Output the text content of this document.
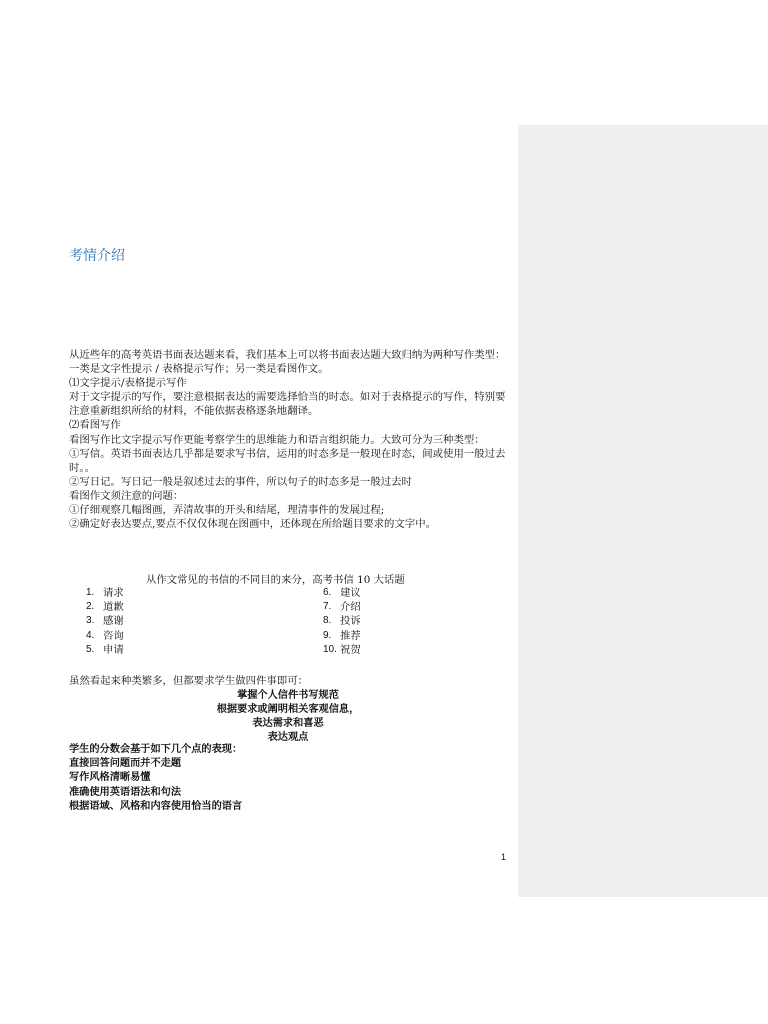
考情介绍

从近些年的高考英语书面表达题来看，我们基本上可以将书面表达题大致归纳为两种写作类型：一类是文字性提示 / 表格提示写作；另一类是看图作文。

⑴文字提示/表格提示写作

对于文字提示的写作，要注意根据表达的需要选择恰当的时态。如对于表格提示的写作，特别要注意重新组织所给的材料，不能依据表格逐条地翻译。

⑵看图写作

看图写作比文字提示写作更能考察学生的思维能力和语言组织能力。大致可分为三种类型：

①写信。英语书面表达几乎都是要求写书信，运用的时态多是一般现在时态，间或使用一般过去时。。

②写日记。写日记一般是叙述过去的事件，所以句子的时态多是一般过去时

看图作文须注意的问题：

①仔细观察几幅图画，弄清故事的开头和结尾，理清事件的发展过程;

②确定好表达要点,要点不仅仅体现在图画中，还体现在所给题目要求的文字中。

从作文常见的书信的不同目的来分，高考书信 10 大话题
1. 请求
2. 道歉
3. 感谢
4. 咨询
5. 申请
6. 建议
7. 介绍
8. 投诉
9. 推荐
10. 祝贺
虽然看起来种类繁多，但都要求学生做四件事即可：
掌握个人信件书写规范
根据要求或阐明相关客观信息，
表达需求和喜恶
表达观点
学生的分数会基于如下几个点的表现：
直接回答问题而并不走题
写作风格清晰易懂
准确使用英语语法和句法
根据语域、风格和内容使用恰当的语言
1
